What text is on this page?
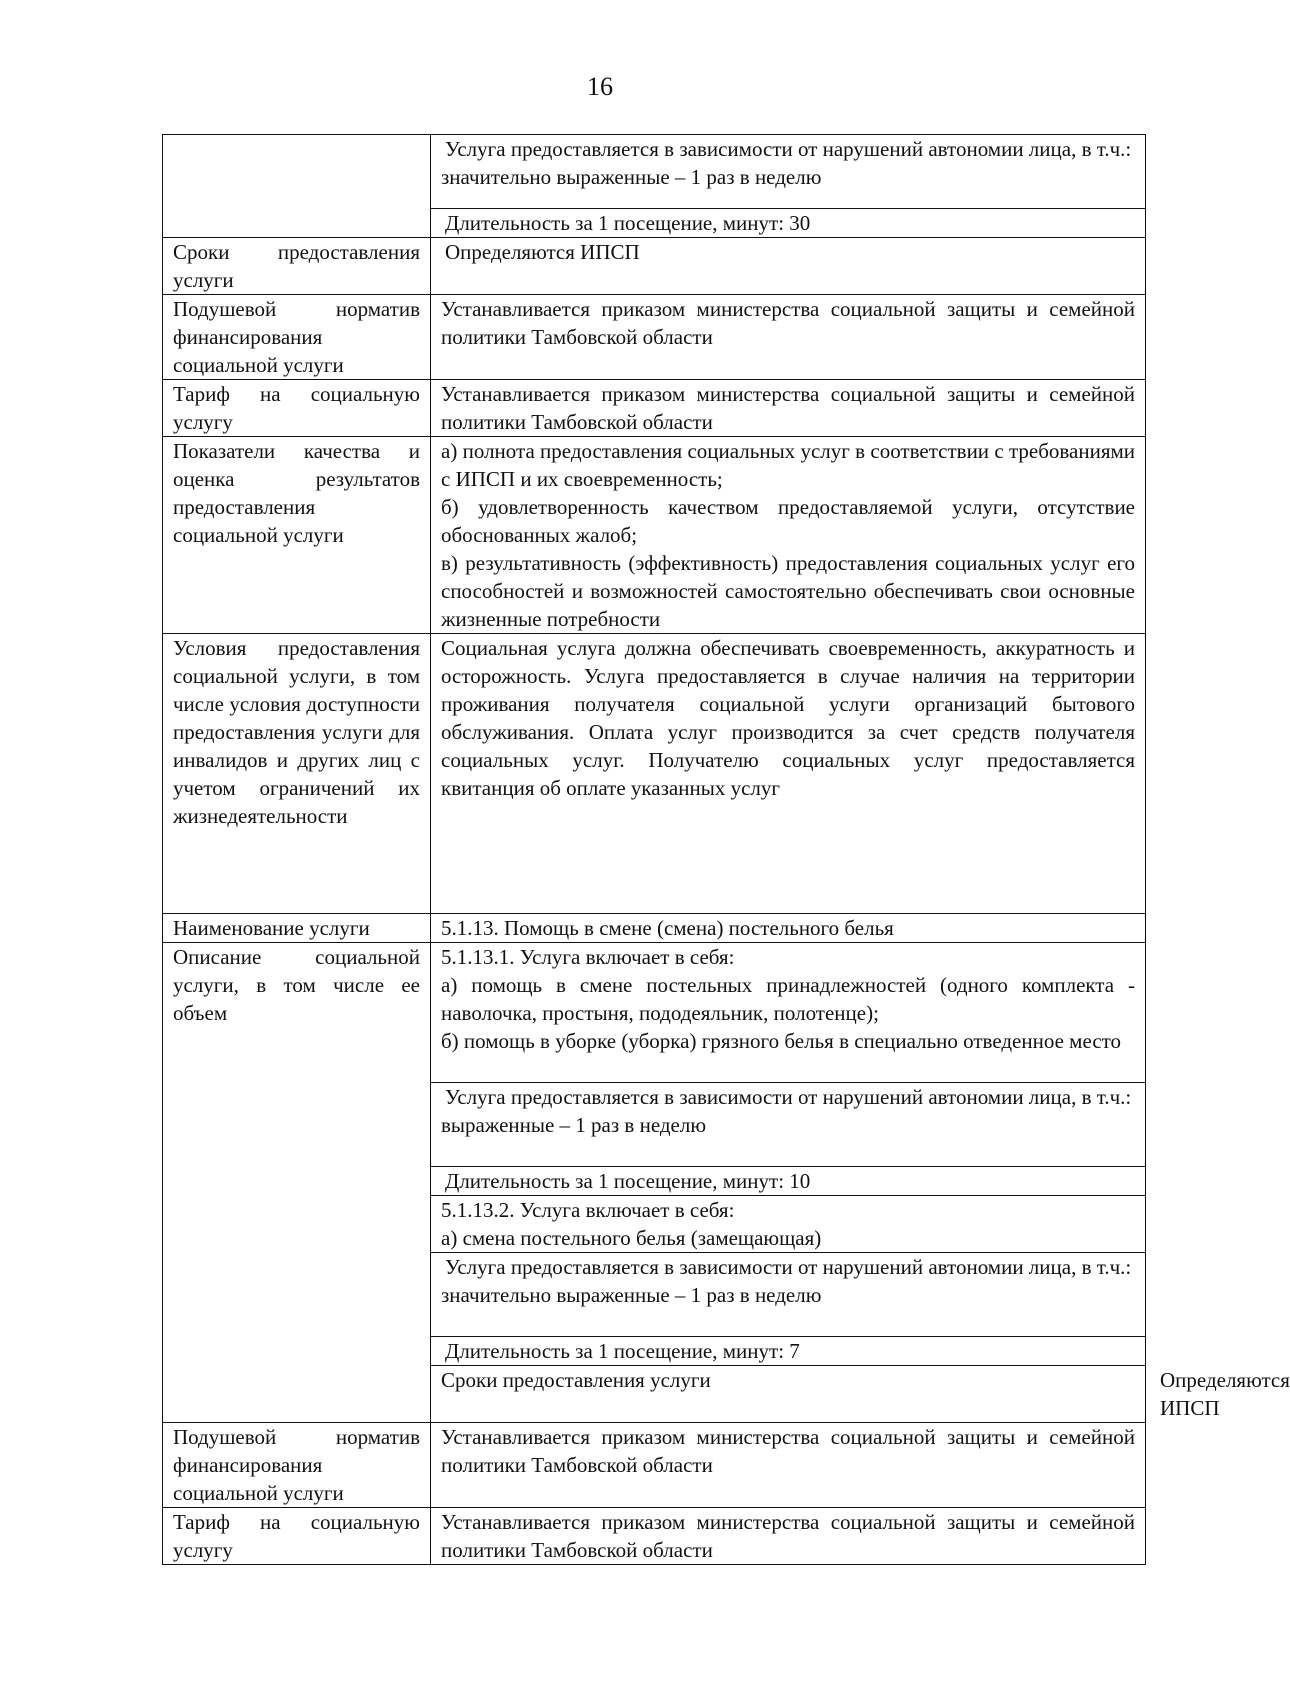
16

	Услуга предоставляется в зависимости от нарушений автономии лица, в т.ч.:
значительно выраженные – 1 раз в неделю	

	Длительность за 1 посещение, минут: 30	

Сроки предоставления услуги	Определяются ИПСП	

Подушевой норматив финансирования социальной услуги	Устанавливается приказом министерства социальной защиты и семейной политики Тамбовской области	

Тариф на социальную услугу	Устанавливается приказом министерства социальной защиты и семейной политики Тамбовской области	

Показатели качества и оценка результатов предоставления социальной услуги	а) полнота предоставления социальных услуг в соответствии с требованиями с ИПСП и их своевременность;
б) удовлетворенность качеством предоставляемой услуги, отсутствие обоснованных жалоб;
в) результативность (эффективность) предоставления социальных услуг его способностей и возможностей самостоятельно обеспечивать свои основные жизненные потребности	

Условия предоставления социальной услуги, в том числе условия доступности предоставления услуги для инвалидов и других лиц с учетом ограничений их жизнедеятельности	Социальная услуга должна обеспечивать своевременность, аккуратность и осторожность. Услуга предоставляется в случае наличия на территории проживания получателя социальной услуги организаций бытового обслуживания. Оплата услуг производится за счет средств получателя социальных услуг. Получателю социальных услуг предоставляется квитанция об оплате указанных услуг	

Наименование услуги	5.1.13. Помощь в смене (смена) постельного белья	

Описание социальной услуги, в том числе ее объем	5.1.13.1. Услуга включает в себя:
а) помощь в смене постельных принадлежностей (одного комплекта - наволочка, простыня, пододеяльник, полотенце);
б) помощь в уборке (уборка) грязного белья в специально отведенное место	

	Услуга предоставляется в зависимости от нарушений автономии лица, в т.ч.:
выраженные – 1 раз в неделю	

	Длительность за 1 посещение, минут: 10	

	5.1.13.2. Услуга включает в себя:
а) смена постельного белья (замещающая)	

	Услуга предоставляется в зависимости от нарушений автономии лица, в т.ч.:
значительно выраженные – 1 раз в неделю	

	Длительность за 1 посещение, минут: 7	

	Сроки предоставления услуги	Определяются ИПСП

Подушевой норматив финансирования социальной услуги	Устанавливается приказом министерства социальной защиты и семейной политики Тамбовской области	

Тариф на социальную услугу	Устанавливается приказом министерства социальной защиты и семейной политики Тамбовской области	
